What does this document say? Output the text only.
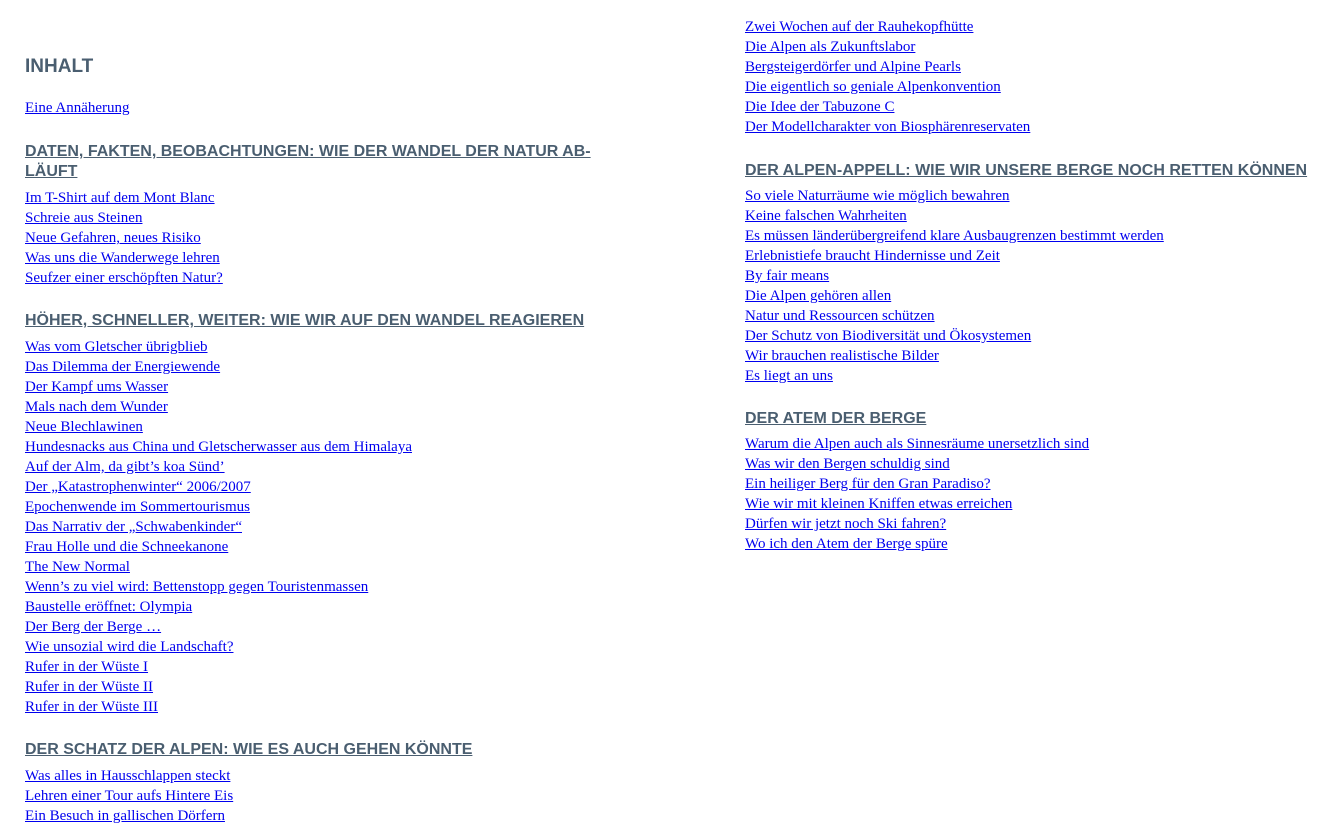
INHALT
Eine Annäherung
DATEN, FAKTEN, BEOBACHTUNGEN: WIE DER WANDEL DER NATUR AB-
LÄUFT
Im T-Shirt auf dem Mont Blanc
Schreie aus Steinen
Neue Gefahren, neues Risiko
Was uns die Wanderwege lehren
Seufzer einer erschöpften Natur?
HÖHER, SCHNELLER, WEITER: WIE WIR AUF DEN WANDEL REAGIEREN
Was vom Gletscher übrigblieb
Das Dilemma der Energiewende
Der Kampf ums Wasser
Mals nach dem Wunder
Neue Blechlawinen
Hundesnacks aus China und Gletscherwasser aus dem Himalaya
Auf der Alm, da gibt’s koa Sünd’
Der „Katastrophenwinter“ 2006/2007
Epochenwende im Sommertourismus
Das Narrativ der „Schwabenkinder“
Frau Holle und die Schneekanone
The New Normal
Wenn’s zu viel wird: Bettenstopp gegen Touristenmassen
Baustelle eröffnet: Olympia
Der Berg der Berge …
Wie unsozial wird die Landschaft?
Rufer in der Wüste I
Rufer in der Wüste II
Rufer in der Wüste III
DER SCHATZ DER ALPEN: WIE ES AUCH GEHEN KÖNNTE
Was alles in Hausschlappen steckt
Lehren einer Tour aufs Hintere Eis
Ein Besuch in gallischen Dörfern
Zwei Wochen auf der Rauhekopfhütte
Die Alpen als Zukunftslabor
Bergsteigerdörfer und Alpine Pearls
Die eigentlich so geniale Alpenkonvention
Die Idee der Tabuzone C
Der Modellcharakter von Biosphärenreservaten
DER ALPEN-APPELL: WIE WIR UNSERE BERGE NOCH RETTEN KÖNNEN
So viele Naturräume wie möglich bewahren
Keine falschen Wahrheiten
Es müssen länderübergreifend klare Ausbaugrenzen bestimmt werden
Erlebnistiefe braucht Hindernisse und Zeit
By fair means
Die Alpen gehören allen
Natur und Ressourcen schützen
Der Schutz von Biodiversität und Ökosystemen
Wir brauchen realistische Bilder
Es liegt an uns
DER ATEM DER BERGE
Warum die Alpen auch als Sinnesräume unersetzlich sind
Was wir den Bergen schuldig sind
Ein heiliger Berg für den Gran Paradiso?
Wie wir mit kleinen Kniffen etwas erreichen
Dürfen wir jetzt noch Ski fahren?
Wo ich den Atem der Berge spüre
